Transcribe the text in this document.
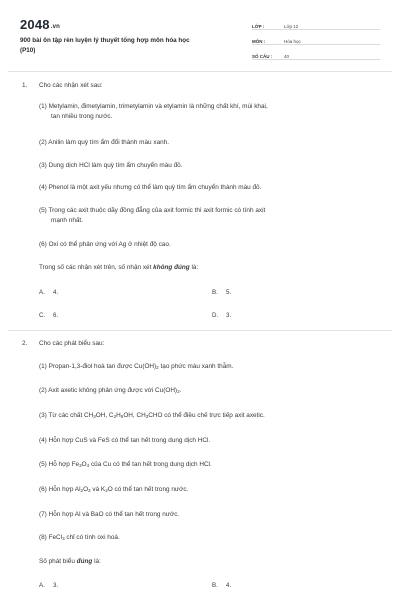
2048.vn
900 bài ôn tập rèn luyện lý thuyết tổng hợp môn hóa học
(P10)
LỚP :	Lớp 12
MÔN :	Hóa học
SỐ CÂU :	40
1.	Cho các nhận xét sau:
(1) Metylamin, đimetylamin, trimetylamin và etylamin là những chất khí, mùi khai,
tan nhiều trong nước.
(2) Anilin làm quỳ tím ẩm đổi thành màu xanh.
(3) Dung dịch HCl làm quỳ tím ẩm chuyển màu đỏ.
(4) Phenol là một axit yếu nhưng có thể làm quỳ tím ẩm chuyển thành màu đỏ.
(5) Trong các axit thuộc dãy đồng đẳng của axit formic thì axit formic có tính axit
mạnh nhất.
(6) Oxi có thể phản ứng với Ag ở nhiệt độ cao.
Trong số các nhận xét trên, số nhận xét không đúng là:
A. 4.	B. 5.
C. 6.	D. 3.
2.	Cho các phát biểu sau:
(1) Propan-1,3-điol hoà tan được $Cu(OH)_2$ tạo phức màu xanh thẫm.
(2) Axit axetic không phản ứng được với $Cu(OH)_2$.
(3) Từ các chất $CH_3OH$, $C_2H_5OH$, $CH_3CHO$ có thể điều chế trực tiếp axit axetic.
(4) Hỗn hợp CuS và FeS có thể tan hết trong dung dịch HCl.
(5) Hỗ hợp $Fe_3O_4$ của Cu có thể tan hết trong dung dịch HCl.
(6) Hỗn hợp $Al_2O_3$ và $K_2O$ có thể tan hết trong nước.
(7) Hỗn hợp Al và BaO có thể tan hết trong nước.
(8) FeCl$_3$ chỉ có tính oxi hoá.
Số phát biểu đúng là:
A. 3.	B. 4.
